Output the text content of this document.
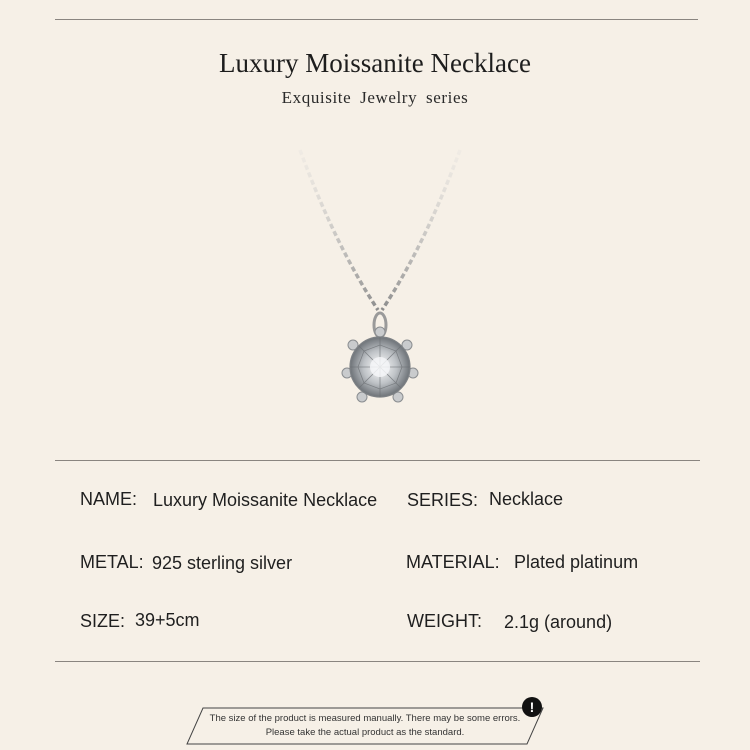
Luxury Moissanite Necklace
Exquisite Jewelry series
NAME: Luxury Moissanite Necklace SERIES: Necklace
METAL: 925 sterling silver	MATERIAL: Plated platinum
SIZE: 39+5cm	WEIGHT: 2.1g (around)
The size of the product is measured manually. There may be some errors.
Please take the actual product as the standard.
!
